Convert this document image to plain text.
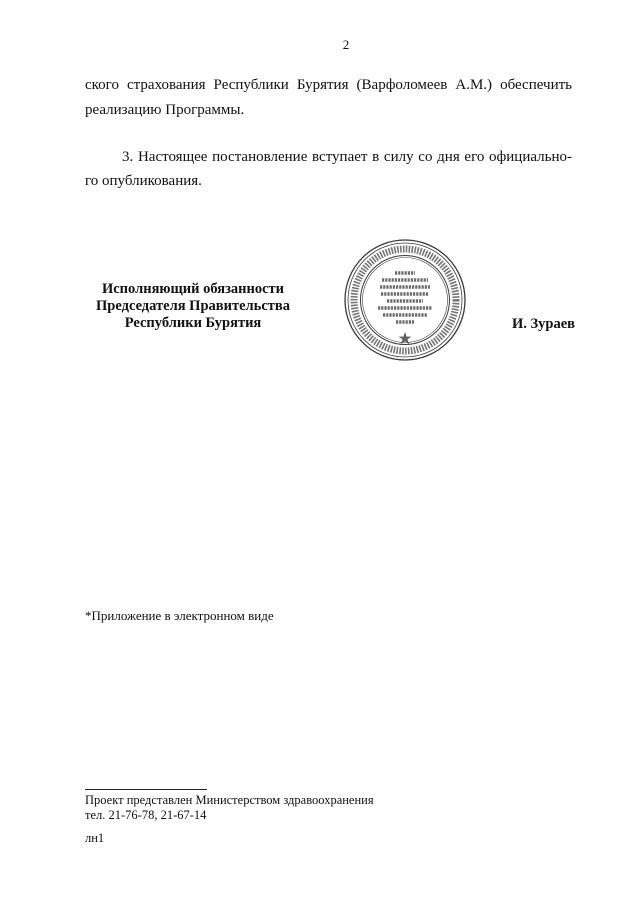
2
ского страхования Республики Бурятия (Варфоломеев А.М.) обеспечить
реализацию Программы.
3. Настоящее постановление вступает в силу со дня его официально-
го опубликования.
Исполняющий обязанности
Председателя Правительства
Республики Бурятия	И. Зураев
*Приложение в электронном виде
Проект представлен Министерством здравоохранения
тел. 21-76-78, 21-67-14
лн1
